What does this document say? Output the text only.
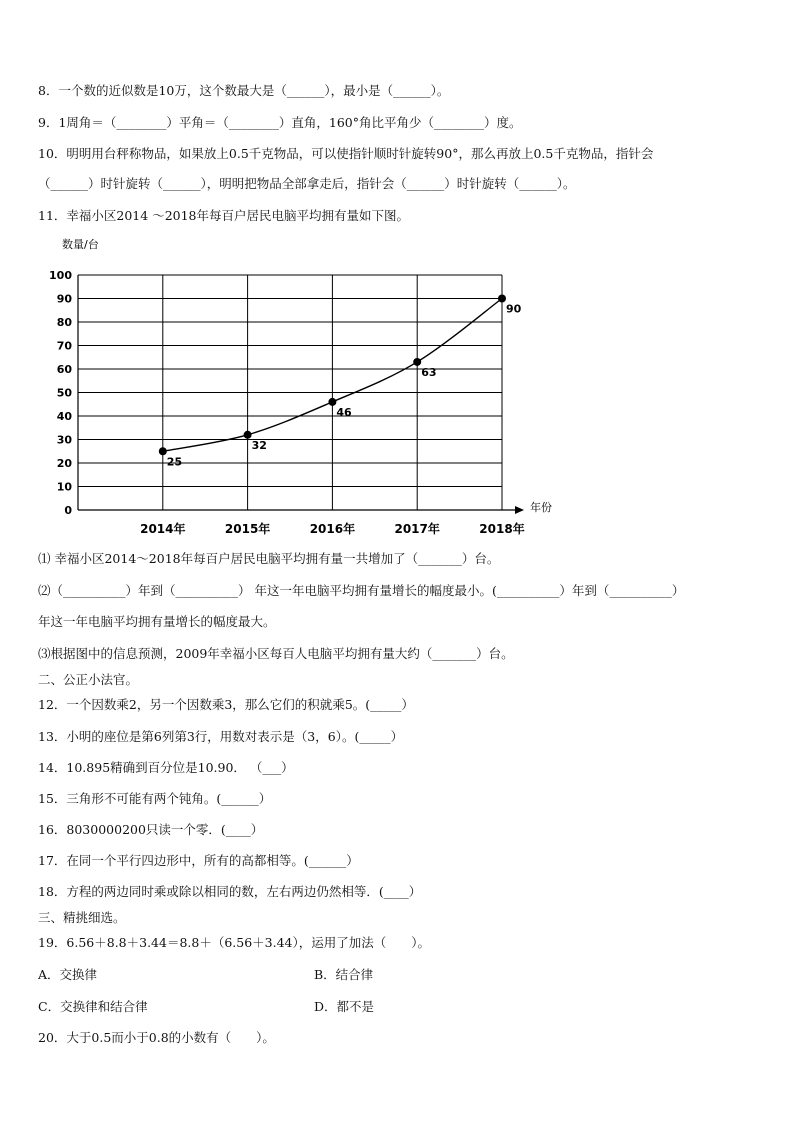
8．一个数的近似数是10万，这个数最大是（______），最小是（______）。
9．1周角＝（________）平角＝（________）直角，160°角比平角少（________）度。
10．明明用台秤称物品，如果放上0.5千克物品，可以使指针顺时针旋转90°，那么再放上0.5千克物品，指针会
（______）时针旋转（______），明明把物品全部拿走后，指针会（______）时针旋转（______）。
11．幸福小区2014 ～2018年每百户居民电脑平均拥有量如下图。
0
10
20
30
40
50
60
70
80
90
100
数量/台
年份
2014年	2015年	2016年	2017年	2018年
25
32
46
63
90
⑴ 幸福小区2014～2018年每百户居民电脑平均拥有量一共增加了（_______）台。
⑵（__________）年到（__________） 年这一年电脑平均拥有量增长的幅度最小。(__________）年到（__________）
年这一年电脑平均拥有量增长的幅度最大。
⑶根据图中的信息预测，2009年幸福小区每百人电脑平均拥有量大约（_______）台。
二、公正小法官。
12．一个因数乘2，另一个因数乘3，那么它们的积就乘5。(_____）
13．小明的座位是第6列第3行，用数对表示是（3，6）。(_____）
14．10.895精确到百分位是10.90． （___）
15．三角形不可能有两个钝角。(______）
16．8030000200只读一个零．(____）
17．在同一个平行四边形中，所有的高都相等。(______）
18．方程的两边同时乘或除以相同的数，左右两边仍然相等．(____）
三、精挑细选。
19．6.56＋8.8＋3.44＝8.8＋（6.56＋3.44），运用了加法（　　）。
A．交换律	B．结合律
C．交换律和结合律	D．都不是
20．大于0.5而小于0.8的小数有（　　）。
